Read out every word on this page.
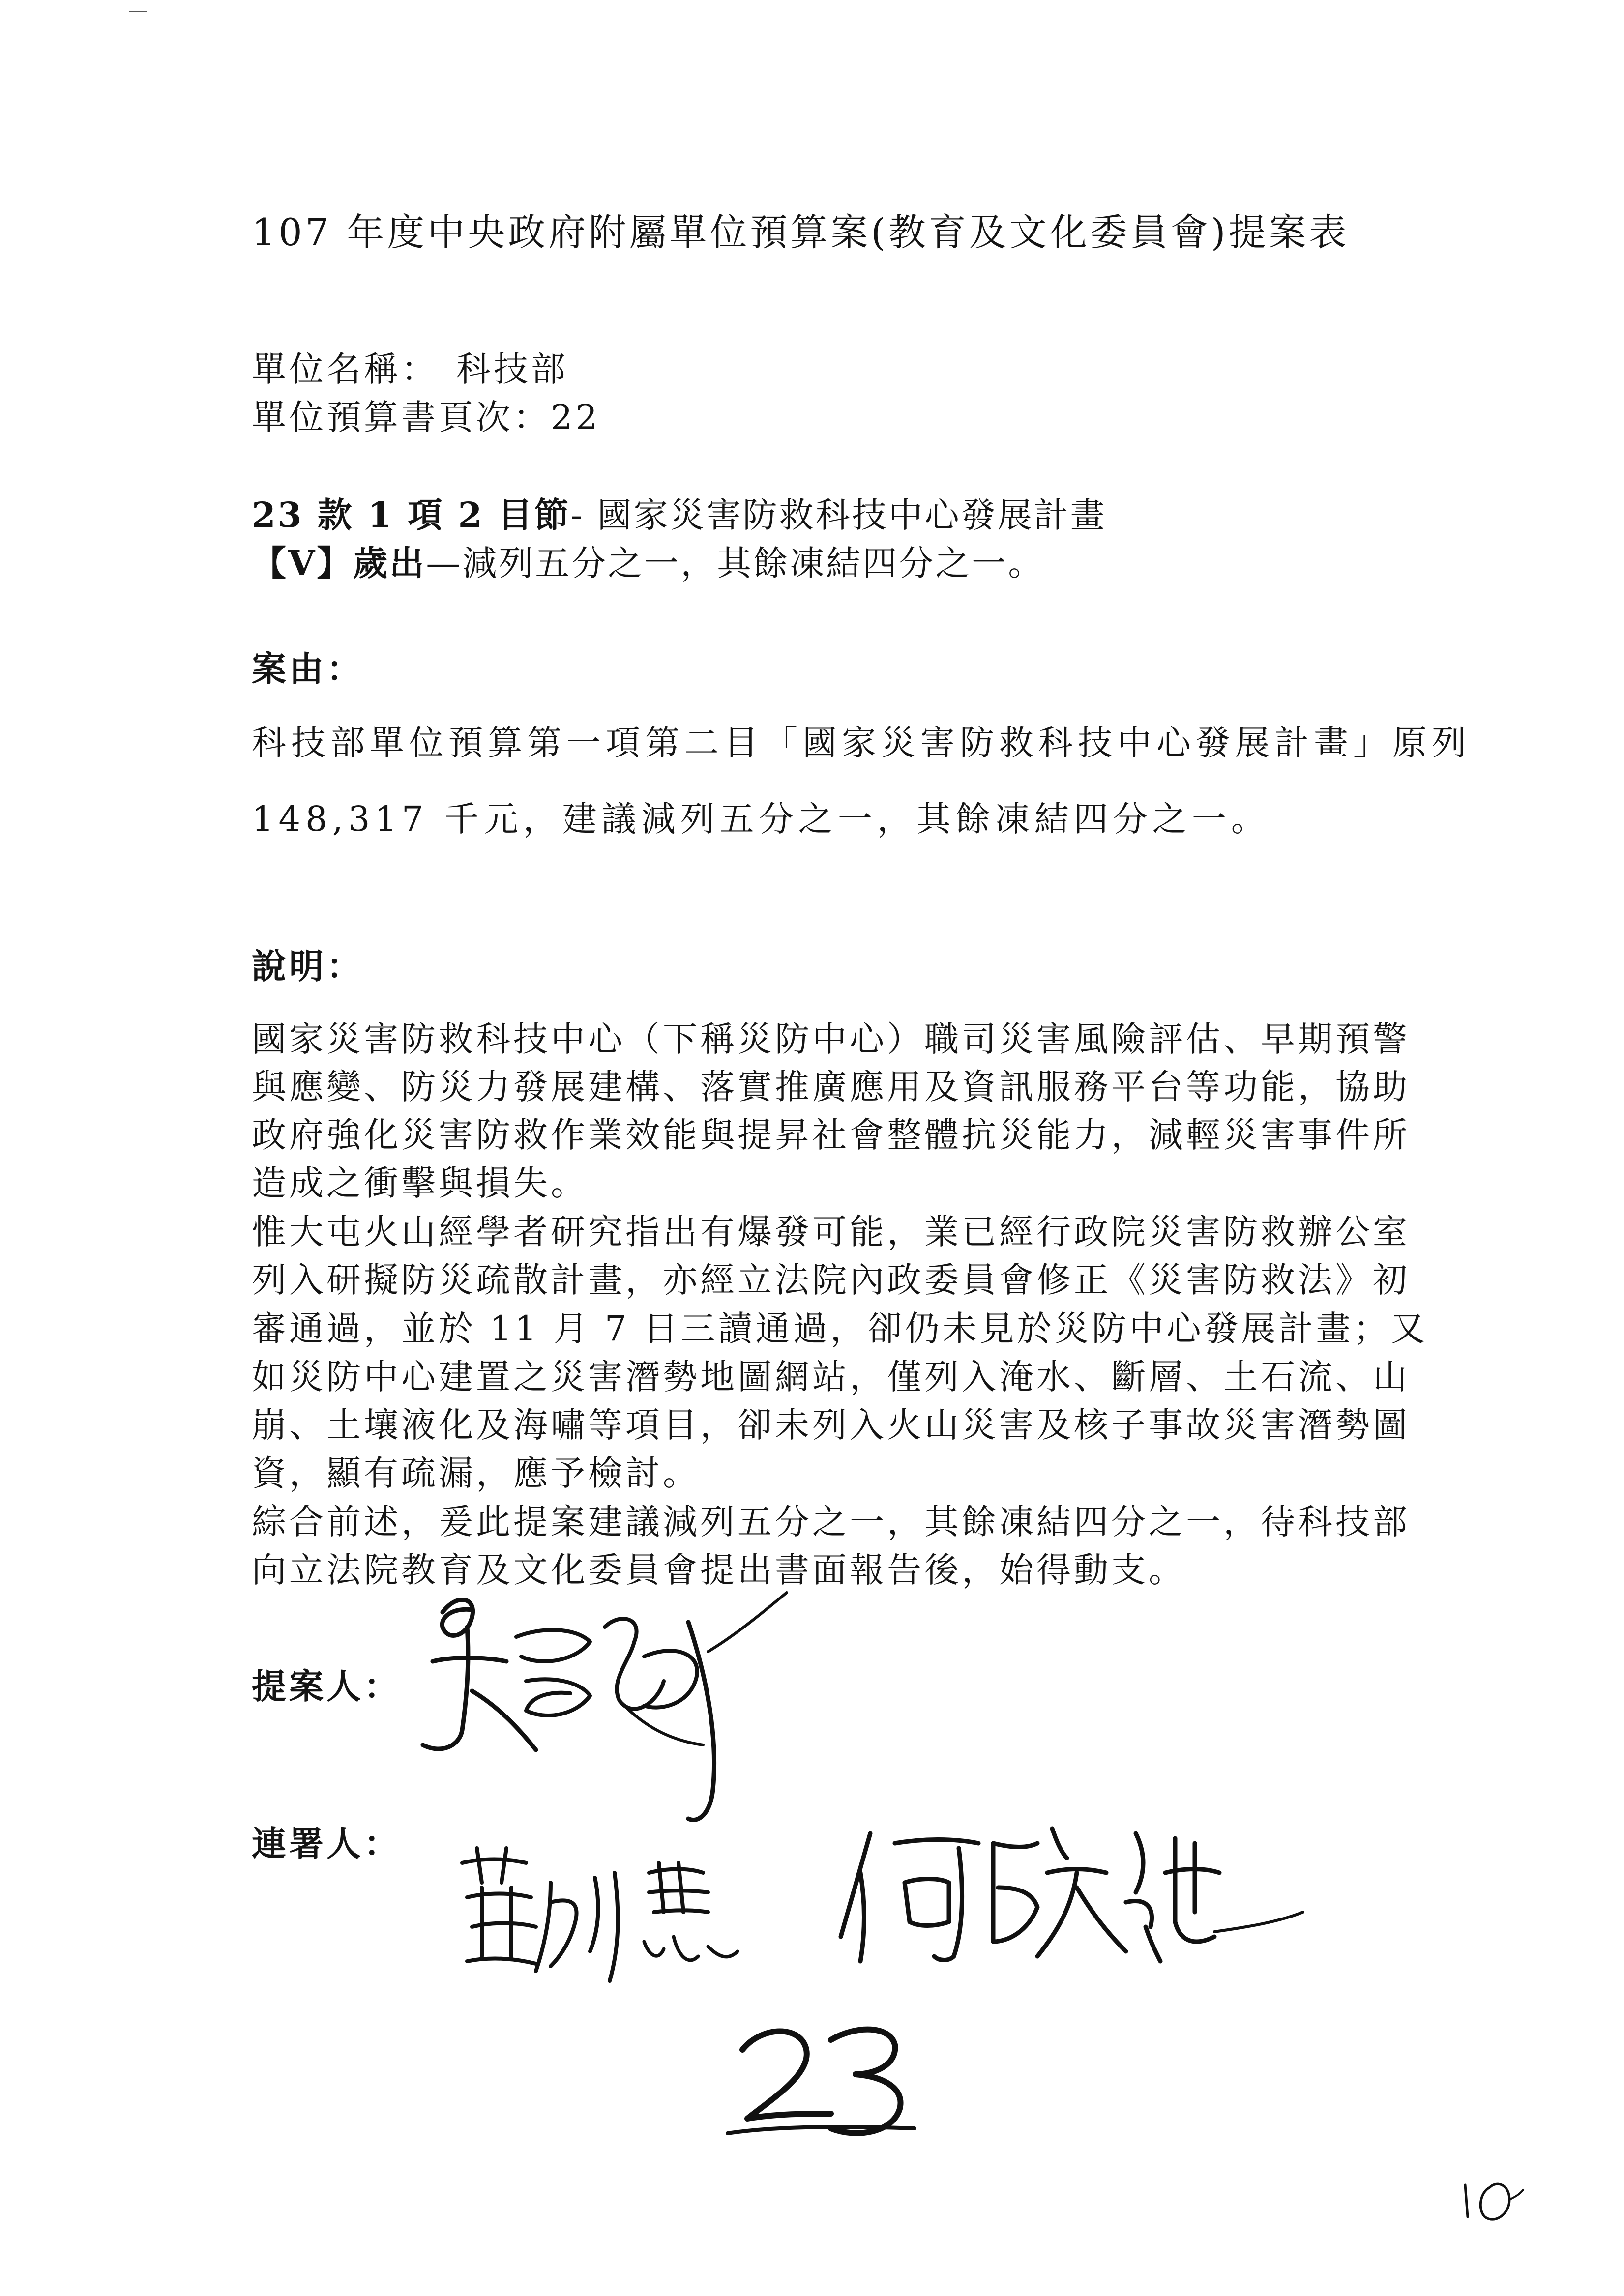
107 年度中央政府附屬單位預算案(教育及文化委員會)提案表
單位名稱： 科技部
單位預算書頁次：22
23 款 1 項 2 目節- 國家災害防救科技中心發展計畫
【V】歲出—減列五分之一，其餘凍結四分之一。
案由：
科技部單位預算第一項第二目「國家災害防救科技中心發展計畫」原列
148,317 千元，建議減列五分之一，其餘凍結四分之一。
說明：
國家災害防救科技中心（下稱災防中心）職司災害風險評估、早期預警
與應變、防災力發展建構、落實推廣應用及資訊服務平台等功能，協助
政府強化災害防救作業效能與提昇社會整體抗災能力，減輕災害事件所
造成之衝擊與損失。
惟大屯火山經學者研究指出有爆發可能，業已經行政院災害防救辦公室
列入研擬防災疏散計畫，亦經立法院內政委員會修正《災害防救法》初
審通過，並於 11 月 7 日三讀通過，卻仍未見於災防中心發展計畫；又
如災防中心建置之災害潛勢地圖網站，僅列入淹水、斷層、土石流、山
崩、土壤液化及海嘯等項目，卻未列入火山災害及核子事故災害潛勢圖
資，顯有疏漏，應予檢討。
綜合前述，爰此提案建議減列五分之一，其餘凍結四分之一，待科技部
向立法院教育及文化委員會提出書面報告後，始得動支。
提案人：
連署人：
